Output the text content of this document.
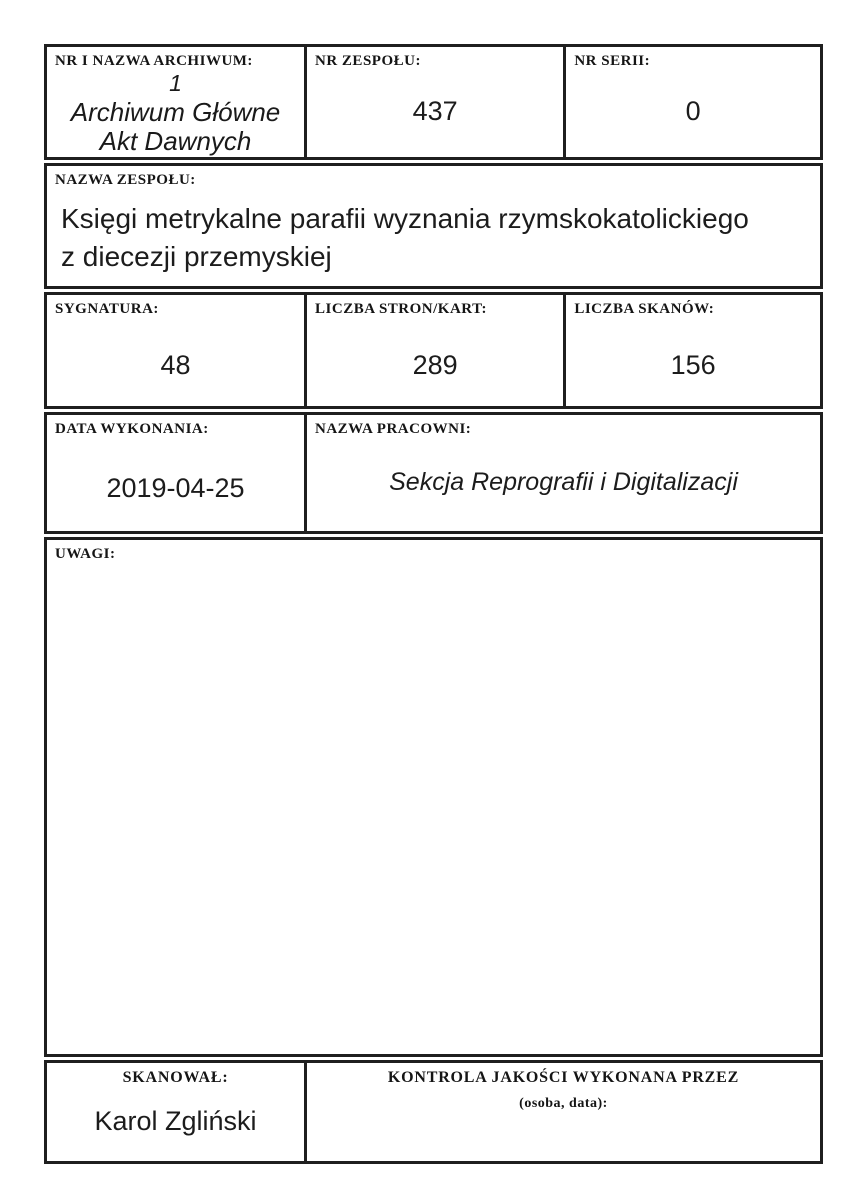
NR I NAZWA ARCHIWUM:
1
Archiwum Główne
Akt Dawnych
NR ZESPOŁU:
437
NR SERII:
0
NAZWA ZESPOŁU:
Księgi metrykalne parafii wyznania rzymskokatolickiego
z diecezji przemyskiej
SYGNATURA:
48
LICZBA STRON/KART:
289
LICZBA SKANÓW:
156
DATA WYKONANIA:
2019-04-25
NAZWA PRACOWNI:
Sekcja Reprografii i Digitalizacji
UWAGI:
SKANOWAŁ:
Karol Zgliński
KONTROLA JAKOŚCI WYKONANA PRZEZ
(osoba, data):
